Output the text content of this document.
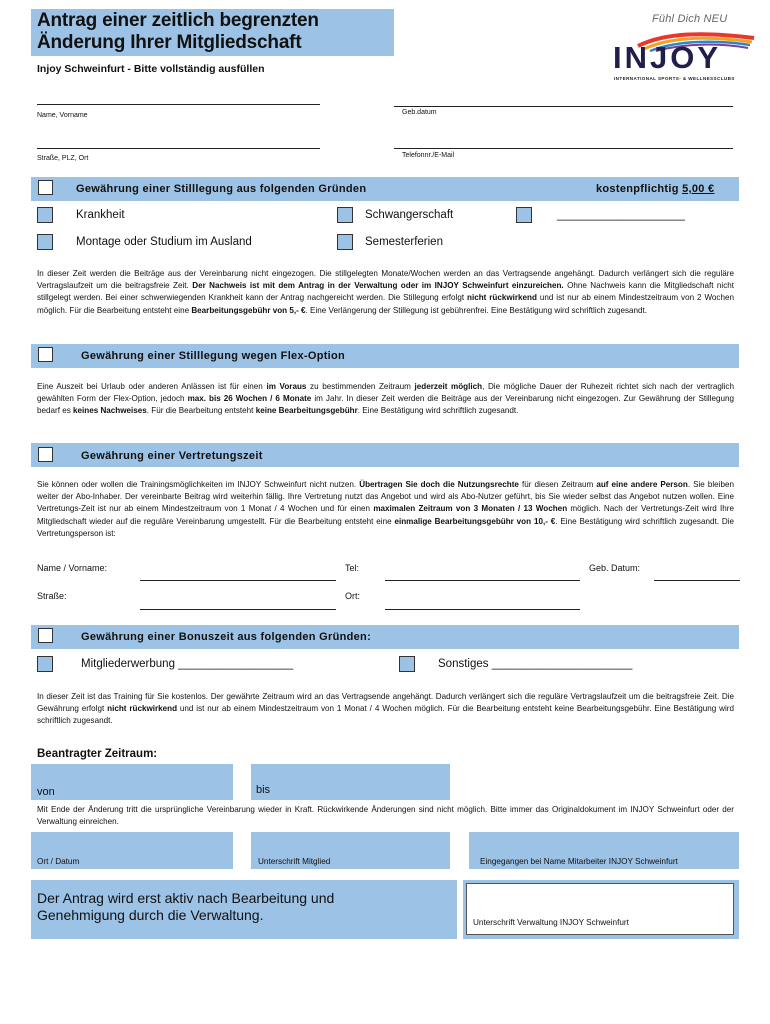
Antrag einer zeitlich begrenzten
Änderung Ihrer Mitgliedschaft
Injoy Schweinfurt - Bitte vollständig ausfüllen
Fühl Dich NEU
INJOY
INTERNATIONAL SPORTS- & WELLNESSCLUBS
Name, Vorname	Geb.datum
Straße, PLZ, Ort	Telefonnr./E-Mail
Gewährung einer Stilllegung aus folgenden Gründen	kostenpflichtig 5,00 €
Krankheit	Schwangerschaft	____________________
Montage oder Studium im Ausland	Semesterferien
In dieser Zeit werden die Beiträge aus der Vereinbarung nicht eingezogen. Die stillgelegten Monate/Wochen werden an das Vertragsende angehängt. Dadurch verlängert sich die reguläre Vertragslaufzeit um die beitragsfreie Zeit. Der Nachweis ist mit dem Antrag in der Verwaltung oder im INJOY Schweinfurt einzureichen. Ohne Nachweis kann die Mitgliedschaft nicht stillgelegt werden. Bei einer schwerwiegenden Krankheit kann der Antrag nachgereicht werden. Die Stillegung erfolgt nicht rückwirkend und ist nur ab einem Mindestzeitraum von 2 Wochen möglich. Für die Bearbeitung entsteht eine Bearbeitungsgebühr von 5,- €. Eine Verlängerung der Stillegung ist gebührenfrei. Eine Bestätigung wird schriftlich zugesandt.
Gewährung einer Stilllegung wegen Flex-Option
Eine Auszeit bei Urlaub oder anderen Anlässen ist für einen im Voraus zu bestimmenden Zeitraum jederzeit möglich, Die mögliche Dauer der Ruhezeit richtet sich nach der vertraglich gewählten Form der Flex-Option, jedoch max. bis 26 Wochen / 6 Monate im Jahr. In dieser Zeit werden die Beiträge aus der Vereinbarung nicht eingezogen. Zur Gewährung der Stillegung bedarf es keines Nachweises. Für die Bearbeitung entsteht keine Bearbeitungsgebühr. Eine Bestätigung wird schriftlich zugesandt.
Gewährung einer Vertretungszeit
Sie können oder wollen die Trainingsmöglichkeiten im INJOY Schweinfurt nicht nutzen. Übertragen Sie doch die Nutzungsrechte für diesen Zeitraum auf eine andere Person. Sie bleiben weiter der Abo-Inhaber. Der vereinbarte Beitrag wird weiterhin fällig. Ihre Vertretung nutzt das Angebot und wird als Abo-Nutzer geführt, bis Sie wieder selbst das Angebot nutzen wollen. Eine Vertretungs-Zeit ist nur ab einem Mindestzeitraum von 1 Monat / 4 Wochen und für einen maximalen Zeitraum von 3 Monaten / 13 Wochen möglich. Nach der Vertretungs-Zeit wird Ihre Mitgliedschaft wieder auf die reguläre Vereinbarung umgestellt. Für die Bearbeitung entsteht eine einmalige Bearbeitungsgebühr von 10,- €. Eine Bestätigung wird schriftlich zugesandt. Die Vertretungsperson ist:
Name / Vorname:	Tel:	Geb. Datum:
Straße:	Ort:
Gewährung einer Bonuszeit aus folgenden Gründen:
Mitgliederwerbung __________________	Sonstiges ______________________
In dieser Zeit ist das Training für Sie kostenlos. Der gewährte Zeitraum wird an das Vertragsende angehängt. Dadurch verlängert sich die reguläre Vertragslaufzeit um die beitragsfreie Zeit. Die Gewährung erfolgt nicht rückwirkend und ist nur ab einem Mindestzeitraum von 1 Monat / 4 Wochen möglich. Für die Bearbeitung entsteht keine Bearbeitungsgebühr. Eine Bestätigung wird schriftlich zugesandt.
Beantragter Zeitraum:
von	bis
Mit Ende der Änderung tritt die ursprüngliche Vereinbarung wieder in Kraft. Rückwirkende Änderungen sind nicht möglich. Bitte immer das Originaldokument im INJOY Schweinfurt oder der Verwaltung einreichen.
Ort / Datum	Unterschrift Mitglied	Eingegangen bei Name Mitarbeiter INJOY Schweinfurt
Der Antrag wird erst aktiv nach Bearbeitung und
Genehmigung durch die Verwaltung.	Unterschrift Verwaltung INJOY Schweinfurt
